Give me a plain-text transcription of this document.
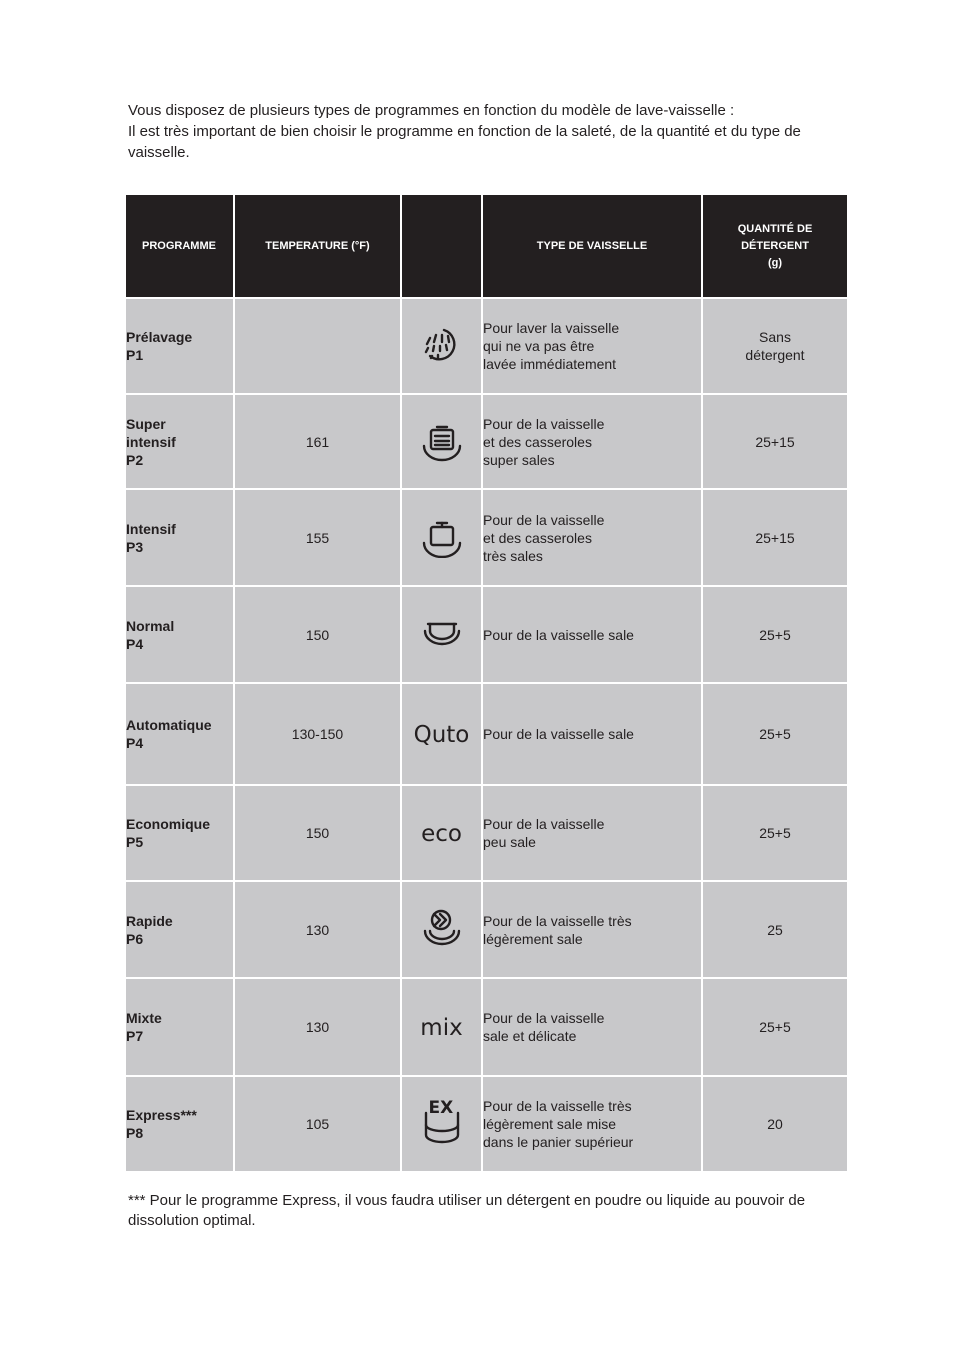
Vous disposez de plusieurs types de programmes en fonction du modèle de lave-vaisselle :

Il est très important de bien choisir le programme en fonction de la saleté, de la quantité et du type de vaisselle.

PROGRAMME	TEMPERATURE (°F)		TYPE DE VAISSELLE	QUANTITÉ DE
DÉTERGENT
(g)
Prélavage
P1			Pour laver la vaisselle
qui ne va pas être
lavée immédiatement	Sans
détergent
Super
intensif
P2	161		Pour de la vaisselle
et des casseroles
super sales	25+15
Intensif
P3	155		Pour de la vaisselle
et des casseroles
très sales	25+15
Normal
P4	150		Pour de la vaisselle sale	25+5
Automatique
P4	130-150	Quto	Pour de la vaisselle sale	25+5
Economique
P5	150	eco	Pour de la vaisselle
peu sale	25+5
Rapide
P6	130		Pour de la vaisselle très
légèrement sale	25
Mixte
P7	130	mix	Pour de la vaisselle
sale et délicate	25+5
Express***
P8	105	EX	Pour de la vaisselle très
légèrement sale mise
dans le panier supérieur	20
*** Pour le programme Express, il vous faudra utiliser un détergent en poudre ou liquide au pouvoir de dissolution optimal.
